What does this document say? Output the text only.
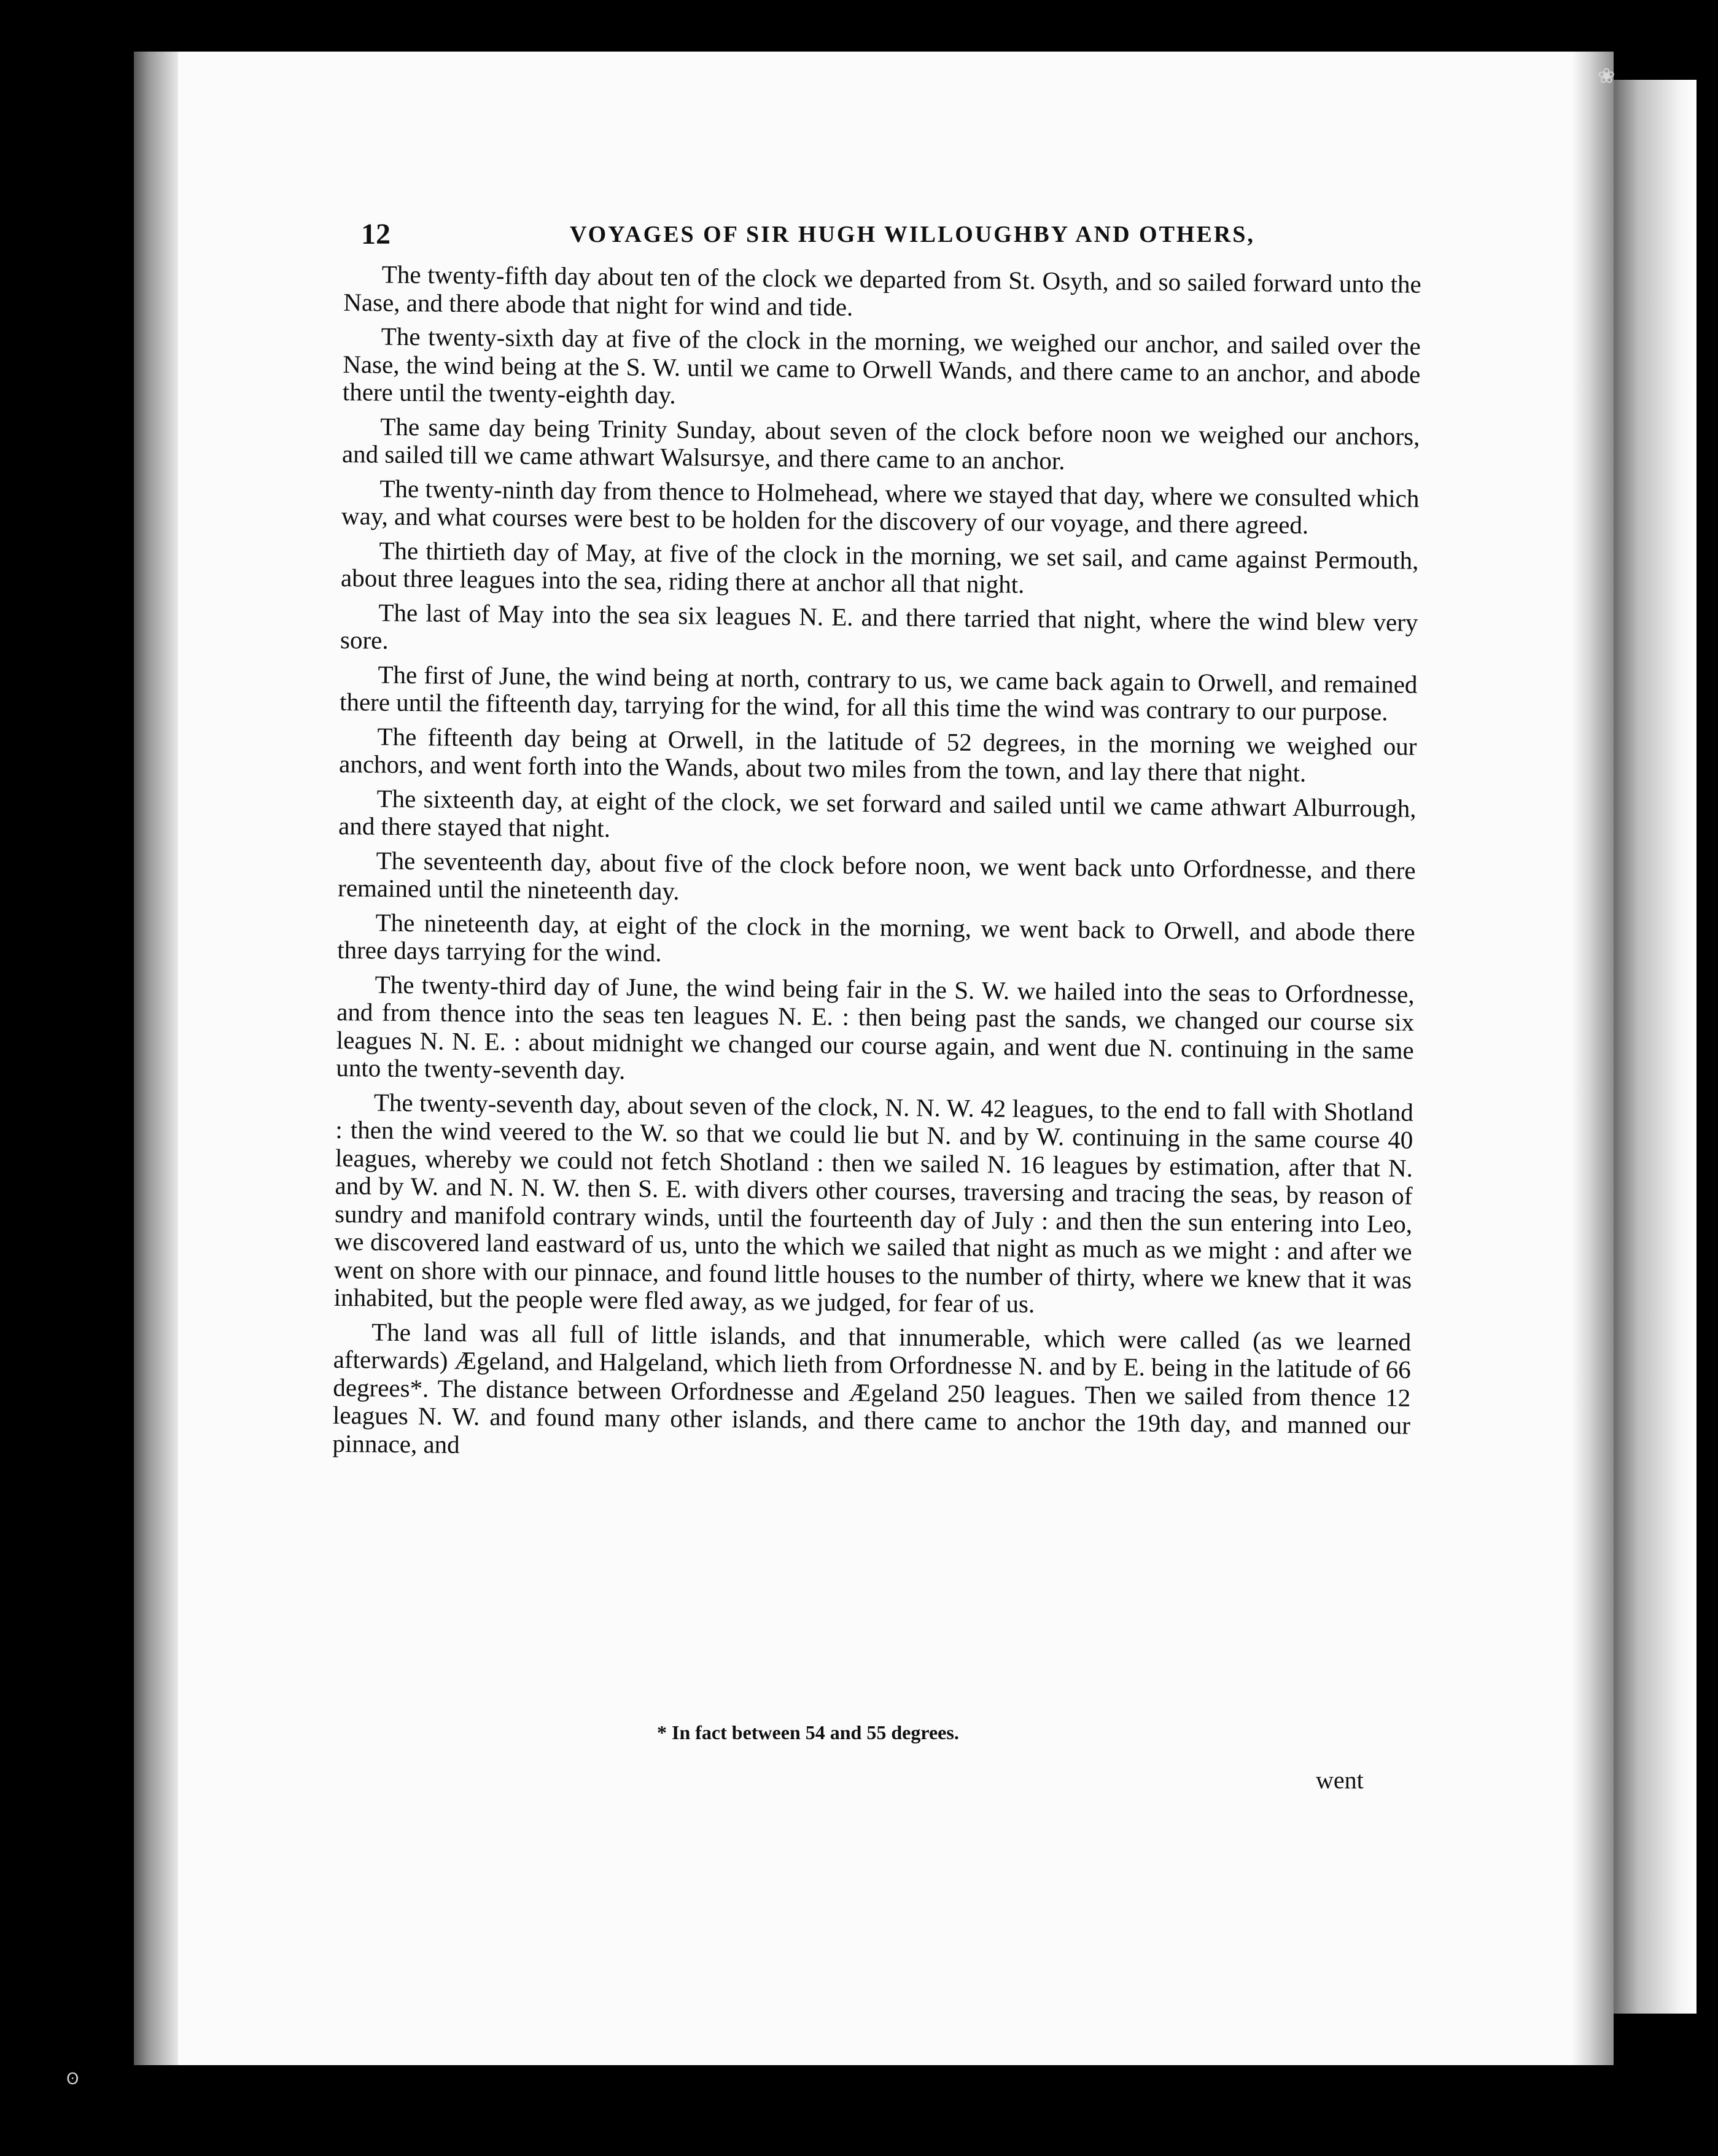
❀
ʘ
12	VOYAGES OF SIR HUGH WILLOUGHBY AND OTHERS,

The twenty-fifth day about ten of the clock we departed from St. Osyth, and so sailed forward unto the Nase, and there abode that night for wind and tide.

The twenty-sixth day at five of the clock in the morning, we weighed our anchor, and sailed over the Nase, the wind being at the S. W. until we came to Orwell Wands, and there came to an anchor, and abode there until the twenty-eighth day.

The same day being Trinity Sunday, about seven of the clock before noon we weighed our anchors, and sailed till we came athwart Walsursye, and there came to an anchor.

The twenty-ninth day from thence to Holmehead, where we stayed that day, where we consulted which way, and what courses were best to be holden for the discovery of our voyage, and there agreed.

The thirtieth day of May, at five of the clock in the morning, we set sail, and came against Permouth, about three leagues into the sea, riding there at anchor all that night.

The last of May into the sea six leagues N. E. and there tarried that night, where the wind blew very sore.

The first of June, the wind being at north, contrary to us, we came back again to Orwell, and remained there until the fifteenth day, tarrying for the wind, for all this time the wind was contrary to our purpose.

The fifteenth day being at Orwell, in the latitude of 52 degrees, in the morning we weighed our anchors, and went forth into the Wands, about two miles from the town, and lay there that night.

The sixteenth day, at eight of the clock, we set forward and sailed until we came athwart Alburrough, and there stayed that night.

The seventeenth day, about five of the clock before noon, we went back unto Orfordnesse, and there remained until the nineteenth day.

The nineteenth day, at eight of the clock in the morning, we went back to Orwell, and abode there three days tarrying for the wind.

The twenty-third day of June, the wind being fair in the S. W. we hailed into the seas to Orfordnesse, and from thence into the seas ten leagues N. E. : then being past the sands, we changed our course six leagues N. N. E. : about midnight we changed our course again, and went due N. continuing in the same unto the twenty-seventh day.

The twenty-seventh day, about seven of the clock, N. N. W. 42 leagues, to the end to fall with Shotland : then the wind veered to the W. so that we could lie but N. and by W. continuing in the same course 40 leagues, whereby we could not fetch Shotland : then we sailed N. 16 leagues by estimation, after that N. and by W. and N. N. W. then S. E. with divers other courses, traversing and tracing the seas, by reason of sundry and manifold contrary winds, until the fourteenth day of July : and then the sun entering into Leo, we discovered land eastward of us, unto the which we sailed that night as much as we might : and after we went on shore with our pinnace, and found little houses to the number of thirty, where we knew that it was inhabited, but the people were fled away, as we judged, for fear of us.

The land was all full of little islands, and that innumerable, which were called (as we learned afterwards) Ægeland, and Halgeland, which lieth from Orfordnesse N. and by E. being in the latitude of 66 degrees*. The distance between Orfordnesse and Ægeland 250 leagues. Then we sailed from thence 12 leagues N. W. and found many other islands, and there came to anchor the 19th day, and manned our pinnace, and

* In fact between 54 and 55 degrees.
went
